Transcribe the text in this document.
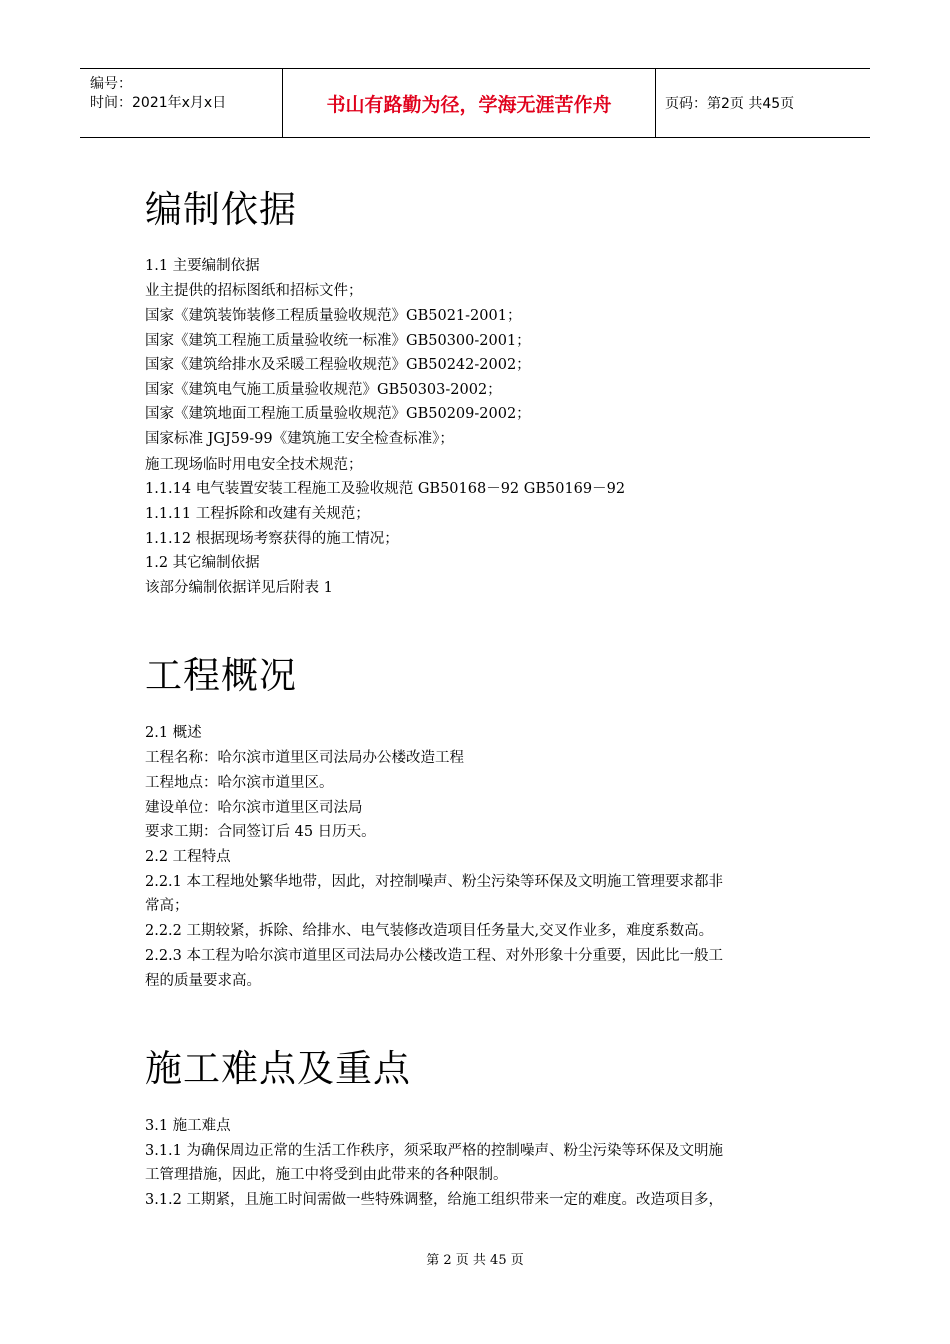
编号：
时间：2021年x月x日	书山有路勤为径，学海无涯苦作舟	页码：第2页 共45页
编制依据
1.1 主要编制依据
业主提供的招标图纸和招标文件；
国家《建筑装饰装修工程质量验收规范》GB5021-2001；
国家《建筑工程施工质量验收统一标准》GB50300-2001；
国家《建筑给排水及采暖工程验收规范》GB50242-2002；
国家《建筑电气施工质量验收规范》GB50303-2002；
国家《建筑地面工程施工质量验收规范》GB50209-2002；
国家标准 JGJ59-99《建筑施工安全检查标准》；
施工现场临时用电安全技术规范；
1.1.14 电气装置安装工程施工及验收规范 GB50168－92 GB50169－92
1.1.11 工程拆除和改建有关规范；
1.1.12 根据现场考察获得的施工情况；
1.2 其它编制依据
该部分编制依据详见后附表 1
工程概况
2.1 概述
工程名称：哈尔滨市道里区司法局办公楼改造工程
工程地点：哈尔滨市道里区。
建设单位：哈尔滨市道里区司法局
要求工期：合同签订后 45 日历天。
2.2 工程特点
2.2.1 本工程地处繁华地带，因此，对控制噪声、粉尘污染等环保及文明施工管理要求都非
常高；
2.2.2 工期较紧，拆除、给排水、电气装修改造项目任务量大,交叉作业多，难度系数高。
2.2.3 本工程为哈尔滨市道里区司法局办公楼改造工程、对外形象十分重要，因此比一般工
程的质量要求高。
施工难点及重点
3.1 施工难点
3.1.1 为确保周边正常的生活工作秩序，须采取严格的控制噪声、粉尘污染等环保及文明施
工管理措施，因此，施工中将受到由此带来的各种限制。
3.1.2 工期紧，且施工时间需做一些特殊调整，给施工组织带来一定的难度。改造项目多，
第 2 页 共 45 页
